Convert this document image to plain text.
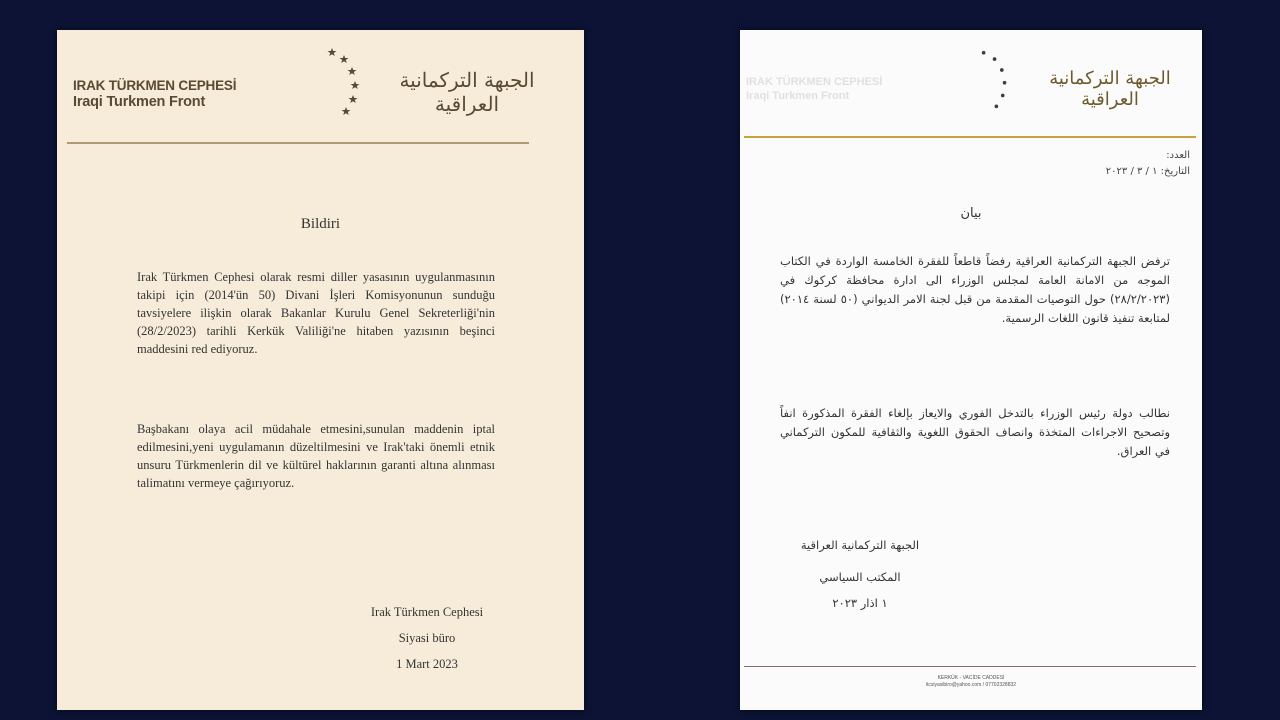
IRAK TÜRKMEN CEPHESİ
Iraqi Turkmen Front
الجبهة التركمانية العراقية
Bildiri
Irak Türkmen Cephesi olarak resmi diller yasasının uygulanmasının takipi için (2014'ün 50) Divani İşleri Komisyonunun sunduğu tavsiyelere ilişkin olarak Bakanlar Kurulu Genel Sekreterliği'nin (28/2/2023) tarihli Kerkük Valiliği'ne hitaben yazısının beşinci maddesini red ediyoruz.
Başbakanı olaya acil müdahale etmesini,sunulan maddenin iptal edilmesini,yeni uygulamanın düzeltilmesini ve Irak'taki önemli etnik unsuru Türkmenlerin dil ve kültürel haklarının garanti altına alınması talimatını vermeye çağırıyoruz.
Irak Türkmen Cephesi
Siyasi büro
1 Mart 2023
IRAK TÜRKMEN CEPHESİ
Iraqi Turkmen Front
الجبهة التركمانية العراقية
العدد:
التاريخ: ١ / ٣ / ٢٠٢٣
بيان
ترفض الجبهة التركمانية العراقية رفضاً قاطعاً للفقرة الخامسة الواردة في الكتاب الموجه من الامانة العامة لمجلس الوزراء الى ادارة محافظة كركوك في (٢٨/٢/٢٠٢٣) حول التوصيات المقدمة من قبل لجنة الامر الديواني (٥٠ لسنة ٢٠١٤) لمتابعة تنفيذ قانون اللغات الرسمية.
نطالب دولة رئيس الوزراء بالتدخل الفوري والايعاز بإلغاء الفقرة المذكورة انفاً وتصحيح الاجراءات المتخذة وانصاف الحقوق اللغوية والثقافية للمكون التركماني في العراق.
الجبهة التركمانية العراقية
المكتب السياسي
١ اذار ٢٠٢٣
KERKÜK - VACİDE CADDESİ
itcsiyasibiro@yahoo.com / 07702328832
